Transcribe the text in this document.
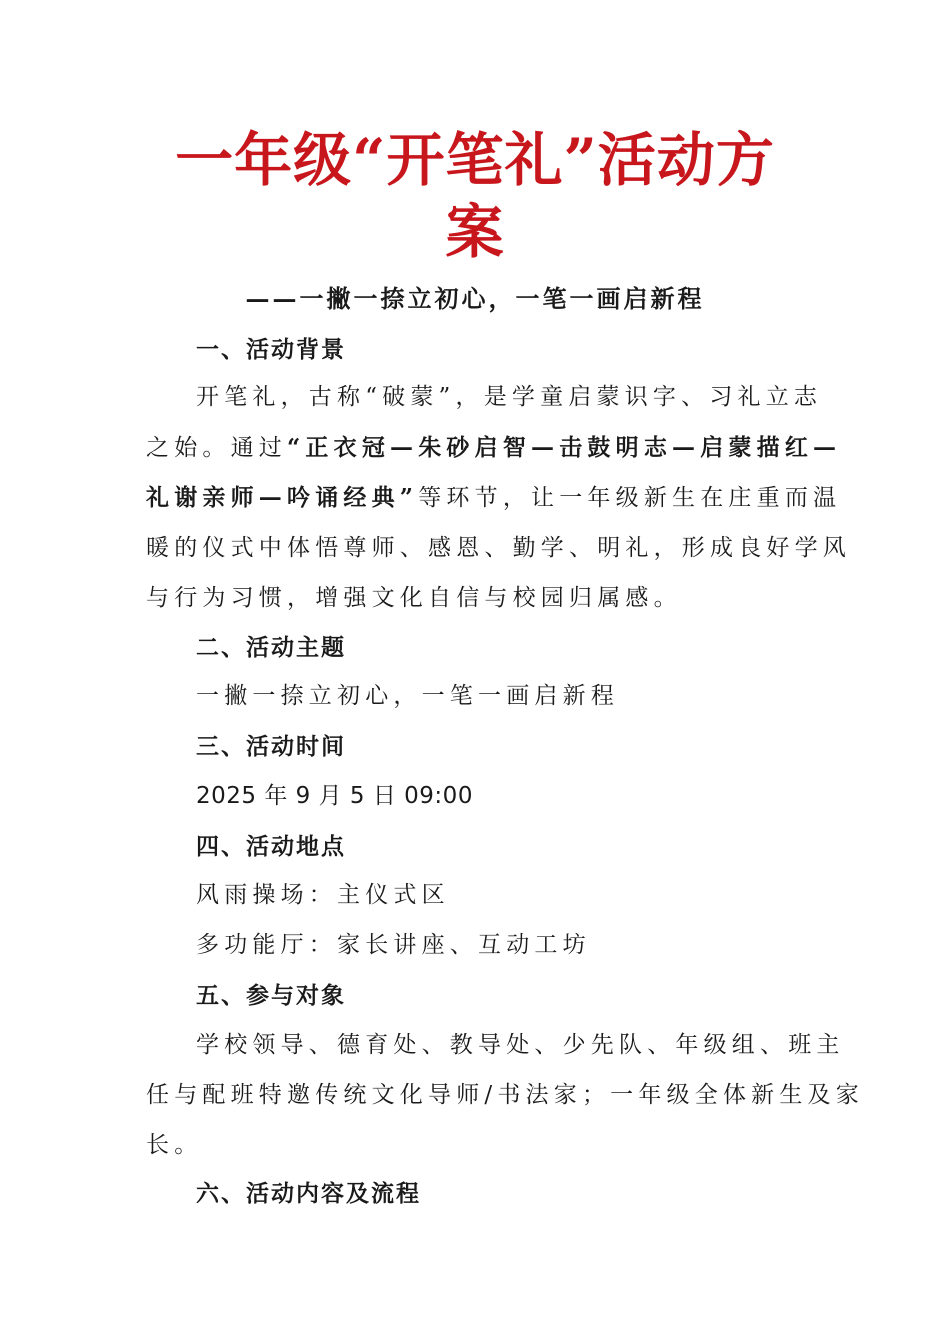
一年级“开笔礼”活动方
案
——一撇一捺立初心，一笔一画启新程
一、活动背景
开笔礼，古称“破蒙”，是学童启蒙识字、习礼立志
之始。通过“正衣冠—朱砂启智—击鼓明志—启蒙描红—
礼谢亲师—吟诵经典”等环节，让一年级新生在庄重而温
暖的仪式中体悟尊师、感恩、勤学、明礼，形成良好学风
与行为习惯，增强文化自信与校园归属感。
二、活动主题
一撇一捺立初心，一笔一画启新程
三、活动时间
2025 年 9 月 5 日 09:00
四、活动地点
风雨操场：主仪式区
多功能厅：家长讲座、互动工坊
五、参与对象
学校领导、德育处、教导处、少先队、年级组、班主
任与配班特邀传统文化导师/书法家；一年级全体新生及家
长。
六、活动内容及流程
